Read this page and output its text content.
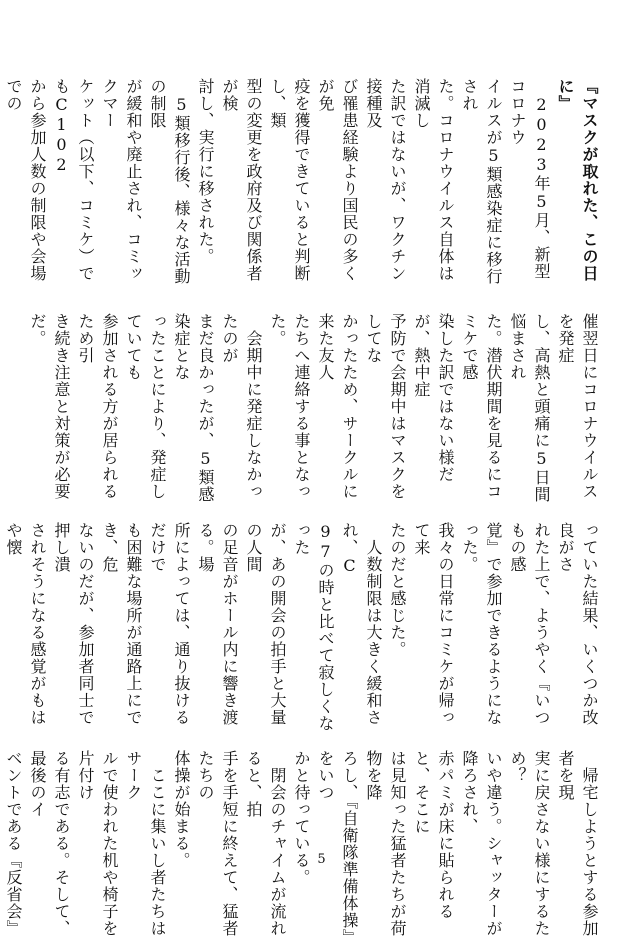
『マスクが取れた、この日に』
　2023年5月、新型コロナウ
イルスが5類感染症に移行され
た。コロナウイルス自体は消滅し
た訳ではないが、ワクチン接種及
び罹患経験より国民の多くが免
疫を獲得できていると判断し、類
型の変更を政府及び関係者が検
討し、実行に移された。
　5類移行後、様々な活動の制限
が緩和や廃止され、コミックマー
ケット（以下、コミケ）でもC102
から参加人数の制限や会場での
催翌日にコロナウイルスを発症
し、高熱と頭痛に5日間悩まされ
た。潜伏期間を見るにコミケで感
染した訳ではない様だが、熱中症
予防で会期中はマスクをしてな
かったため、サークルに来た友人
たちへ連絡する事となった。
　会期中に発症しなかったのが
まだ良かったが、5類感染症とな
ったことにより、発症していても
参加される方が居られるため引
き続き注意と対策が必要だ。

っていた結果、いくつか改良がさ
れた上で、ようやく『いつもの感
覚』で参加できるようになった。
我々の日常にコミケが帰って来
たのだと感じた。
　人数制限は大きく緩和され、C
97の時と比べて寂しくなった
が、あの開会の拍手と大量の人間
の足音がホール内に響き渡る。場
所によっては、通り抜けるだけで
も困難な場所が通路上にでき、危
ないのだが、参加者同士で押し潰
されそうになる感覚がもはや懐

　帰宅しようとする参加者を現
実に戻さない様にするため？
いや違う。シャッターが降ろされ、
赤パミが床に貼られると、そこに
は見知った猛者たちが荷物を降
ろし、『自衛隊準備体操』をいつ
かと待っている。
　閉会のチャイムが流れると、拍
手を手短に終えて、猛者たちの
体操が始まる。
　ここに集いし者たちはサーク
ルで使われた机や椅子を片付け
る有志である。そして、最後のイ
ベントである『反省会』
5
